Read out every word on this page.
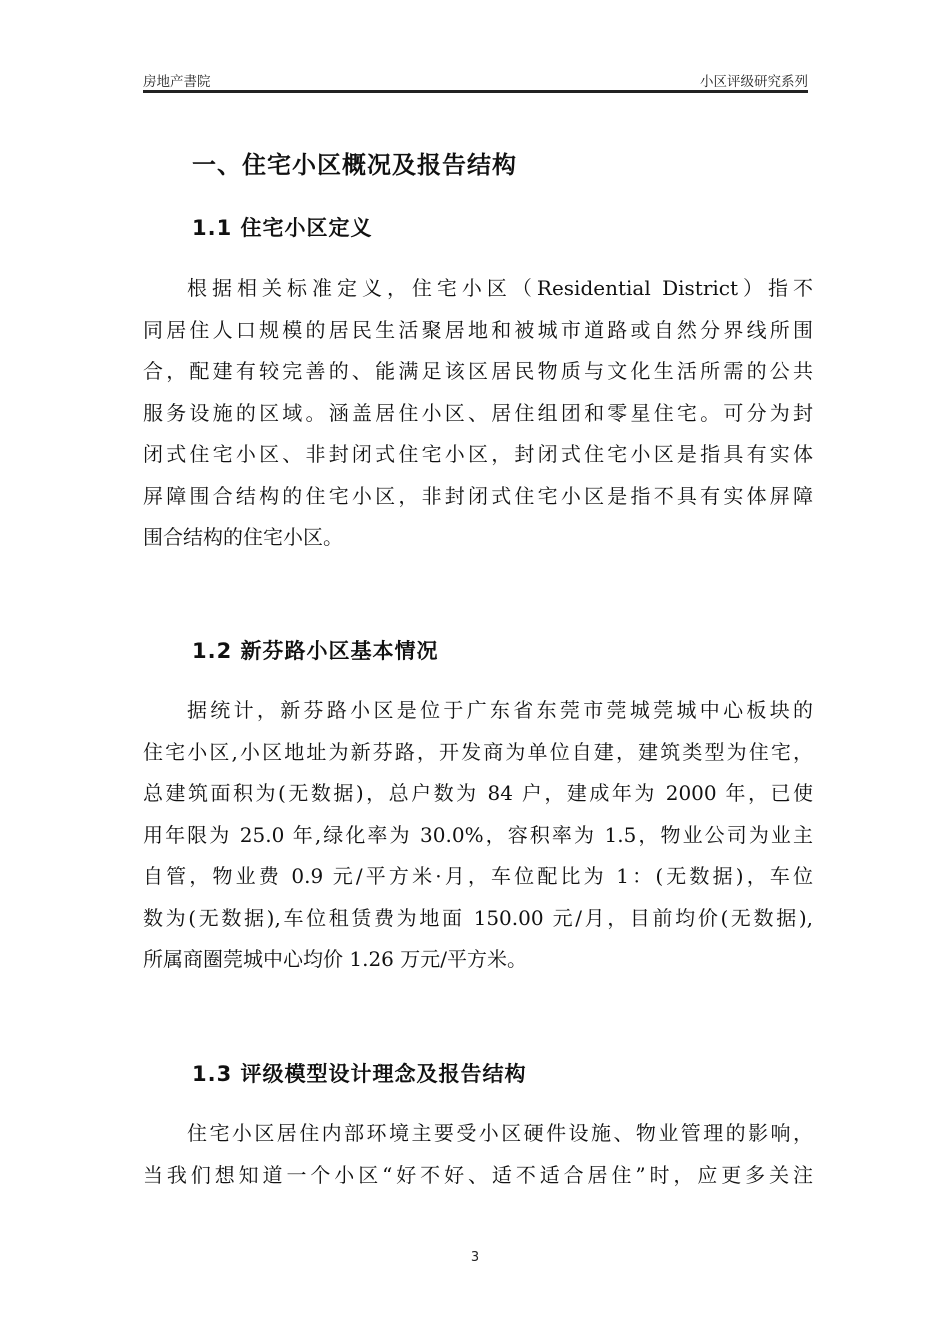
房地产書院	小区评级研究系列
一、住宅小区概况及报告结构
1.1 住宅小区定义
根据相关标准定义，住宅小区（Residential District）指不
同居住人口规模的居民生活聚居地和被城市道路或自然分界线所围
合，配建有较完善的、能满足该区居民物质与文化生活所需的公共
服务设施的区域。涵盖居住小区、居住组团和零星住宅。可分为封
闭式住宅小区、非封闭式住宅小区，封闭式住宅小区是指具有实体
屏障围合结构的住宅小区，非封闭式住宅小区是指不具有实体屏障
围合结构的住宅小区。
1.2 新芬路小区基本情况
据统计，新芬路小区是位于广东省东莞市莞城莞城中心板块的
住宅小区,小区地址为新芬路，开发商为单位自建，建筑类型为住宅，
总建筑面积为(无数据)，总户数为 84 户，建成年为 2000 年，已使
用年限为 25.0 年,绿化率为 30.0%，容积率为 1.5，物业公司为业主
自管，物业费 0.9 元/平方米·月，车位配比为 1：(无数据)，车位
数为(无数据),车位租赁费为地面 150.00 元/月，目前均价(无数据),
所属商圈莞城中心均价 1.26 万元/平方米。
1.3 评级模型设计理念及报告结构
住宅小区居住内部环境主要受小区硬件设施、物业管理的影响，
当我们想知道一个小区“好不好、适不适合居住”时，应更多关注
3
